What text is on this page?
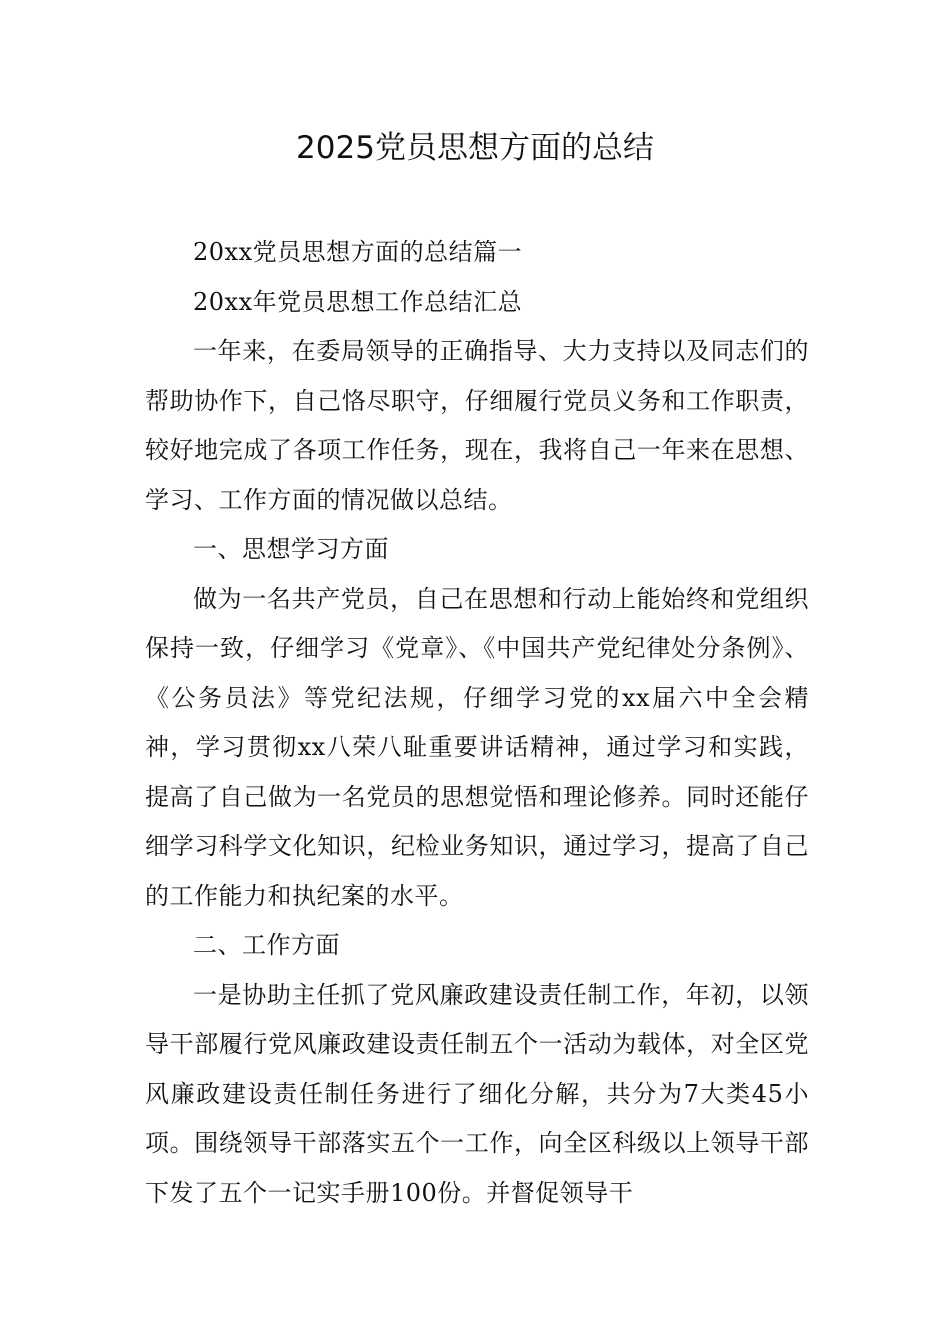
2025党员思想方面的总结

20xx党员思想方面的总结篇一

20xx年党员思想工作总结汇总

一年来，在委局领导的正确指导、大力支持以及同志们的帮助协作下，自己恪尽职守，仔细履行党员义务和工作职责，较好地完成了各项工作任务，现在，我将自己一年来在思想、学习、工作方面的情况做以总结。

一、思想学习方面

做为一名共产党员，自己在思想和行动上能始终和党组织保持一致，仔细学习《党章》、《中国共产党纪律处分条例》、《公务员法》等党纪法规，仔细学习党的xx届六中全会精神，学习贯彻xx八荣八耻重要讲话精神，通过学习和实践，提高了自己做为一名党员的思想觉悟和理论修养。同时还能仔细学习科学文化知识，纪检业务知识，通过学习，提高了自己的工作能力和执纪案的水平。

二、工作方面

一是协助主任抓了党风廉政建设责任制工作，年初，以领导干部履行党风廉政建设责任制五个一活动为载体，对全区党风廉政建设责任制任务进行了细化分解，共分为7大类45小项。围绕领导干部落实五个一工作，向全区科级以上领导干部下发了五个一记实手册100份。并督促领导干
